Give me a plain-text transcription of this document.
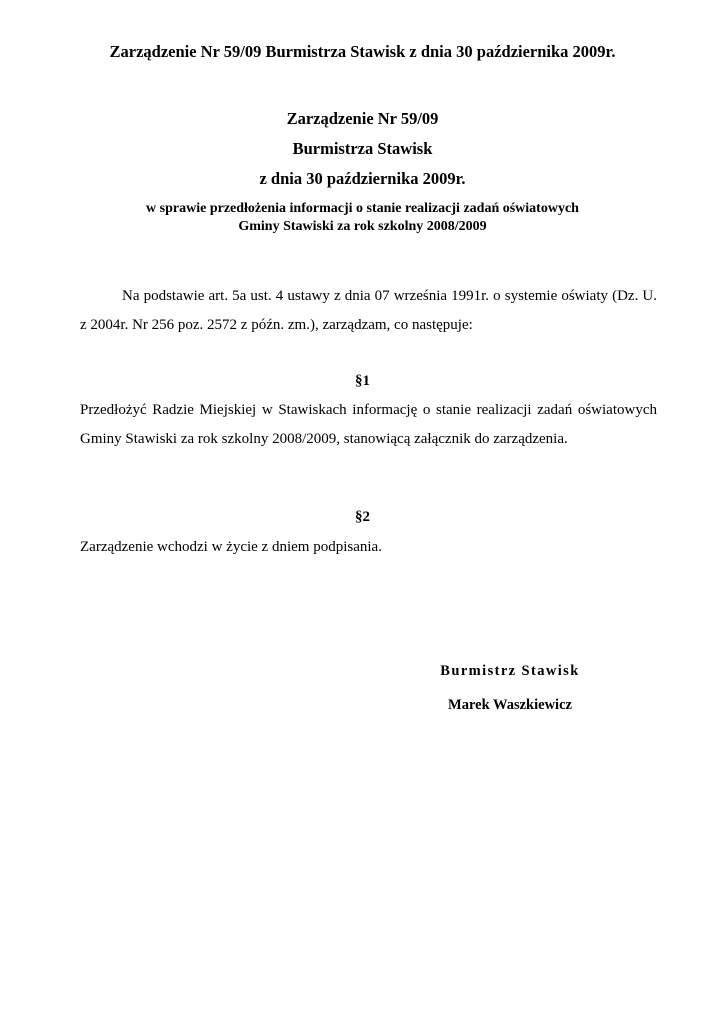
Zarządzenie Nr 59/09 Burmistrza Stawisk z dnia 30 października 2009r.
Zarządzenie Nr 59/09
Burmistrza Stawisk
z dnia 30 października 2009r.
w sprawie przedłożenia informacji o stanie realizacji zadań oświatowych
Gminy Stawiski za rok szkolny 2008/2009
Na podstawie art. 5a ust. 4 ustawy z dnia 07 września 1991r. o systemie oświaty (Dz. U. z 2004r. Nr 256 poz. 2572 z późn. zm.), zarządzam, co następuje:
§1
Przedłożyć Radzie Miejskiej w Stawiskach informację o stanie realizacji zadań oświatowych Gminy Stawiski za rok szkolny 2008/2009, stanowiącą załącznik do zarządzenia.
§2
Zarządzenie wchodzi w życie z dniem podpisania.
Burmistrz Stawisk
Marek Waszkiewicz
